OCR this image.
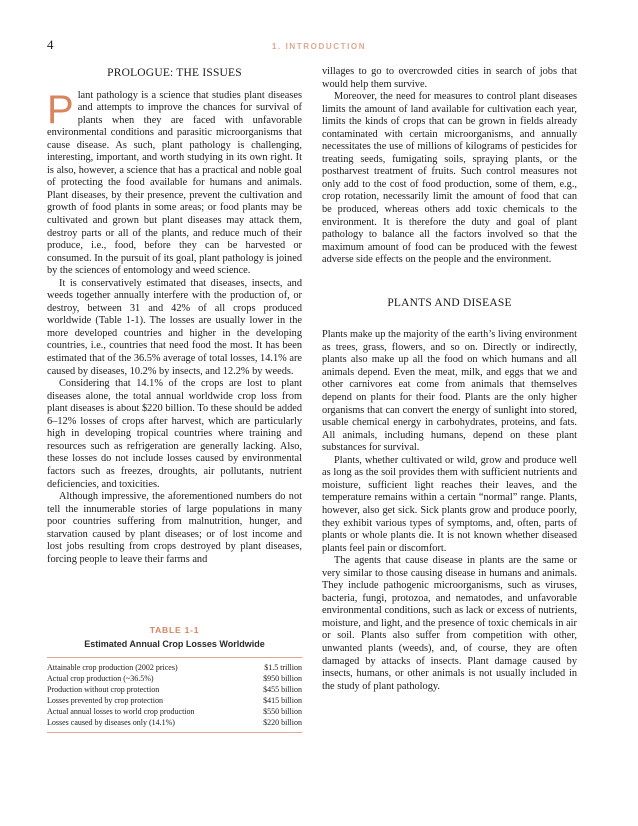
4	1. INTRODUCTION
PROLOGUE: THE ISSUES

Plant pathology is a science that studies plant diseases and attempts to improve the chances for survival of plants when they are faced with unfavorable environmental conditions and parasitic microorganisms that cause disease. As such, plant pathology is challenging, interesting, important, and worth studying in its own right. It is also, however, a science that has a practical and noble goal of protecting the food available for humans and animals. Plant diseases, by their presence, prevent the cultivation and growth of food plants in some areas; or food plants may be cultivated and grown but plant diseases may attack them, destroy parts or all of the plants, and reduce much of their produce, i.e., food, before they can be harvested or consumed. In the pursuit of its goal, plant pathology is joined by the sciences of entomology and weed science.

It is conservatively estimated that diseases, insects, and weeds together annually interfere with the production of, or destroy, between 31 and 42% of all crops produced worldwide (Table 1-1). The losses are usually lower in the more developed countries and higher in the developing countries, i.e., countries that need food the most. It has been estimated that of the 36.5% average of total losses, 14.1% are caused by diseases, 10.2% by insects, and 12.2% by weeds.

Considering that 14.1% of the crops are lost to plant diseases alone, the total annual worldwide crop loss from plant diseases is about $220 billion. To these should be added 6–12% losses of crops after harvest, which are particularly high in developing tropical countries where training and resources such as refrigeration are generally lacking. Also, these losses do not include losses caused by environmental factors such as freezes, droughts, air pollutants, nutrient deficiencies, and toxicities.

Although impressive, the aforementioned numbers do not tell the innumerable stories of large populations in many poor countries suffering from malnutrition, hunger, and starvation caused by plant diseases; or of lost income and lost jobs resulting from crops destroyed by plant diseases, forcing people to leave their farms and

TABLE 1-1
Estimated Annual Crop Losses Worldwide
Attainable crop production (2002 prices)	$1.5 trillion
Actual crop production (~36.5%)	$950 billion
Production without crop protection	$455 billion
Losses prevented by crop protection	$415 billion
Actual annual losses to world crop production	$550 billion
Losses caused by diseases only (14.1%)	$220 billion

villages to go to overcrowded cities in search of jobs that would help them survive.

Moreover, the need for measures to control plant diseases limits the amount of land available for cultivation each year, limits the kinds of crops that can be grown in fields already contaminated with certain microorganisms, and annually necessitates the use of millions of kilograms of pesticides for treating seeds, fumigating soils, spraying plants, or the postharvest treatment of fruits. Such control measures not only add to the cost of food production, some of them, e.g., crop rotation, necessarily limit the amount of food that can be produced, whereas others add toxic chemicals to the environment. It is therefore the duty and goal of plant pathology to balance all the factors involved so that the maximum amount of food can be produced with the fewest adverse side effects on the people and the environment.

PLANTS AND DISEASE

Plants make up the majority of the earth’s living environment as trees, grass, flowers, and so on. Directly or indirectly, plants also make up all the food on which humans and all animals depend. Even the meat, milk, and eggs that we and other carnivores eat come from animals that themselves depend on plants for their food. Plants are the only higher organisms that can convert the energy of sunlight into stored, usable chemical energy in carbohydrates, proteins, and fats. All animals, including humans, depend on these plant substances for survival.

Plants, whether cultivated or wild, grow and produce well as long as the soil provides them with sufficient nutrients and moisture, sufficient light reaches their leaves, and the temperature remains within a certain “normal” range. Plants, however, also get sick. Sick plants grow and produce poorly, they exhibit various types of symptoms, and, often, parts of plants or whole plants die. It is not known whether diseased plants feel pain or discomfort.

The agents that cause disease in plants are the same or very similar to those causing disease in humans and animals. They include pathogenic microorganisms, such as viruses, bacteria, fungi, protozoa, and nematodes, and unfavorable environmental conditions, such as lack or excess of nutrients, moisture, and light, and the presence of toxic chemicals in air or soil. Plants also suffer from competition with other, unwanted plants (weeds), and, of course, they are often damaged by attacks of insects. Plant damage caused by insects, humans, or other animals is not usually included in the study of plant pathology.
